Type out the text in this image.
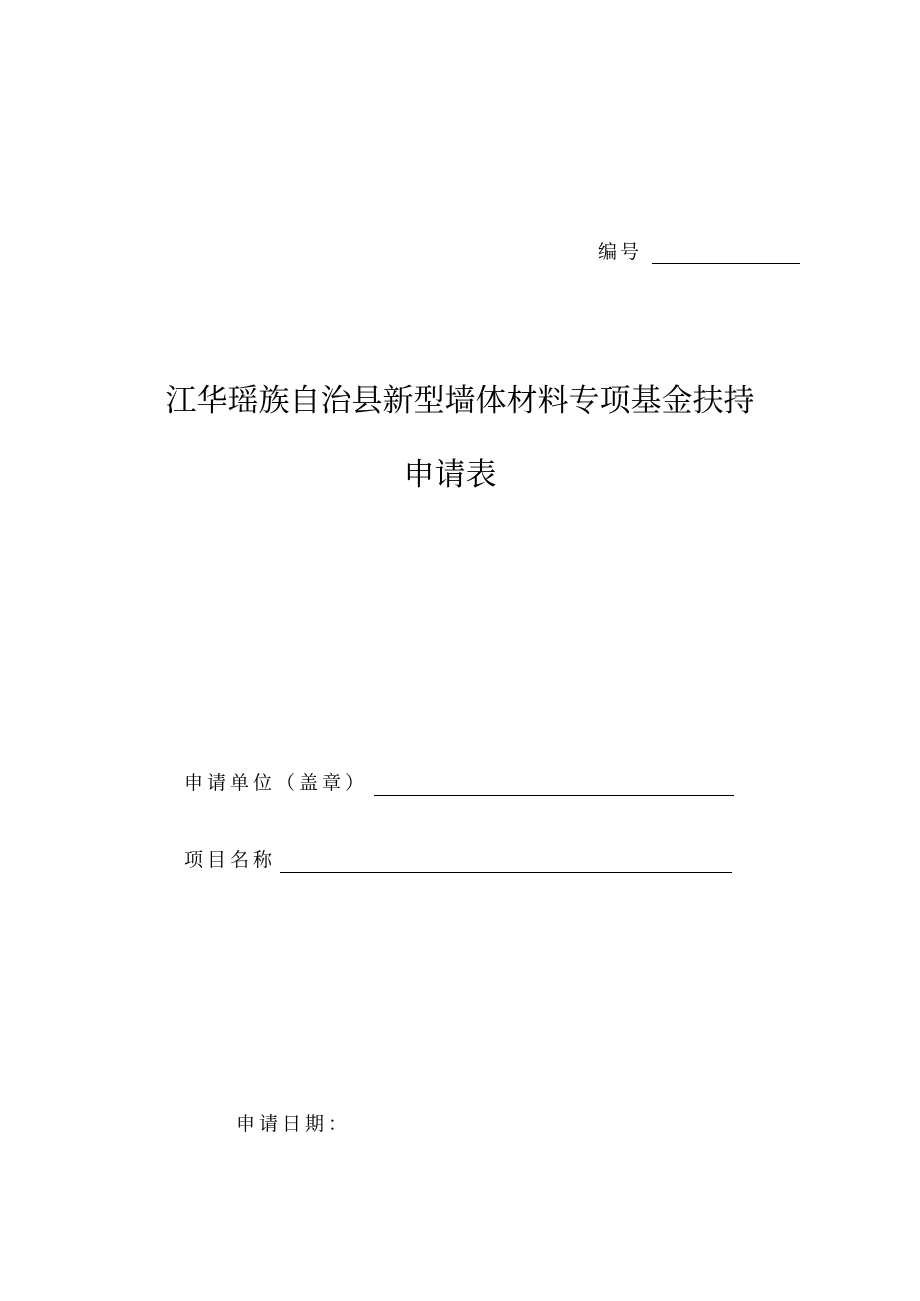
编号
江华瑶族自治县新型墙体材料专项基金扶持
申请表
申请单位（盖章）
项目名称
申请日期：
